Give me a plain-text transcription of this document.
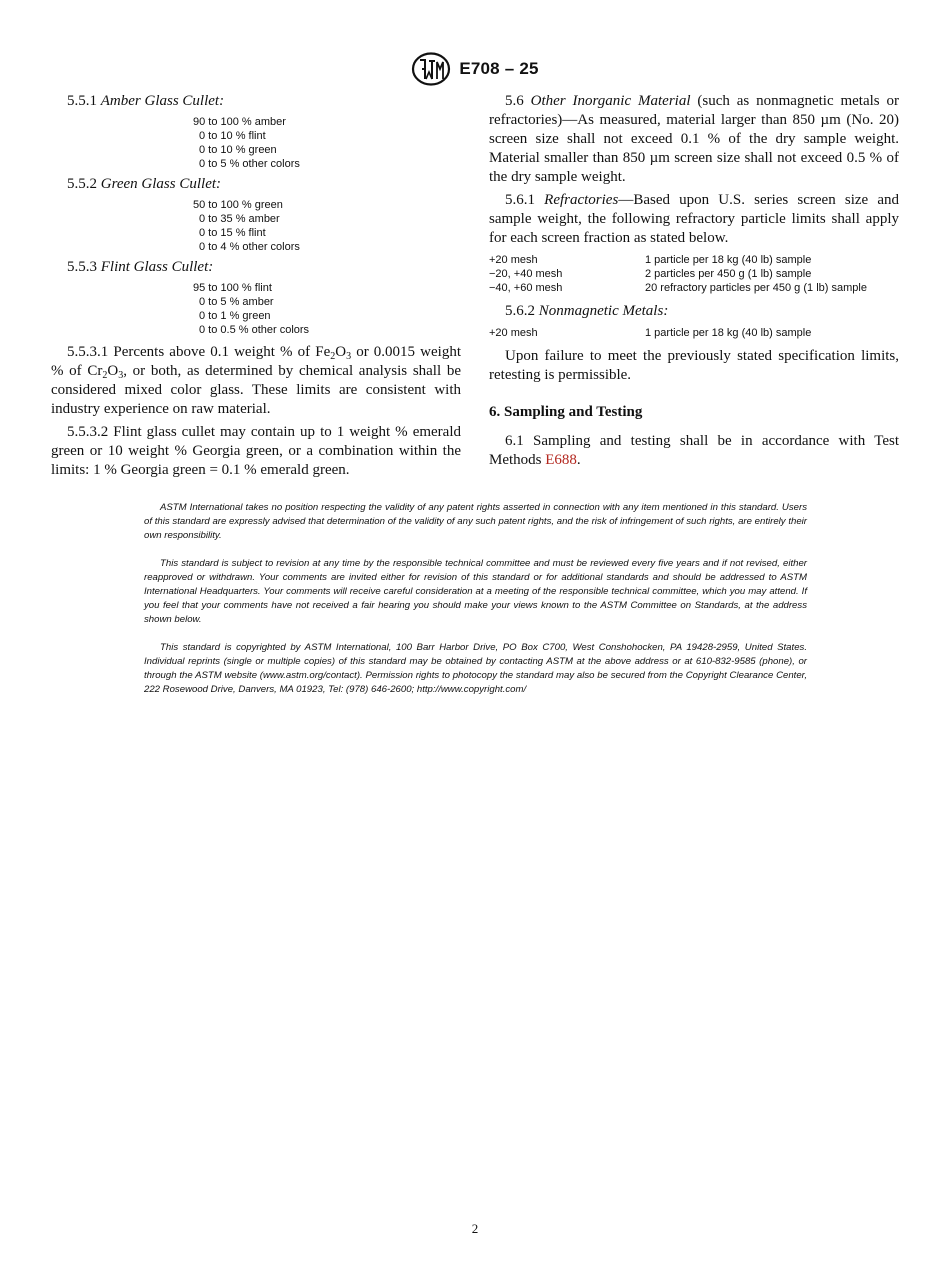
E708 – 25

5.5.1 Amber Glass Cullet:

90 to 100 % amber
0 to 10 % flint
0 to 10 % green
0 to 5 % other colors

5.5.2 Green Glass Cullet:

50 to 100 % green
0 to 35 % amber
0 to 15 % flint
0 to 4 % other colors

5.5.3 Flint Glass Cullet:

95 to 100 % flint
0 to 5 % amber
0 to 1 % green
0 to 0.5 % other colors

5.5.3.1 Percents above 0.1 weight % of $Fe_2O_3$ or 0.0015 weight % of $Cr_2O_3$, or both, as determined by chemical analysis shall be considered mixed color glass. These limits are consistent with industry experience on raw material.

5.5.3.2 Flint glass cullet may contain up to 1 weight % emerald green or 10 weight % Georgia green, or a combination within the limits: 1 % Georgia green = 0.1 % emerald green.

5.6 Other Inorganic Material (such as nonmagnetic metals or refractories)—As measured, material larger than 850 µm (No. 20) screen size shall not exceed 0.1 % of the dry sample weight. Material smaller than 850 µm screen size shall not exceed 0.5 % of the dry sample weight.

5.6.1 Refractories—Based upon U.S. series screen size and sample weight, the following refractory particle limits shall apply for each screen fraction as stated below.

+20 mesh	1 particle per 18 kg (40 lb) sample
−20, +40 mesh	2 particles per 450 g (1 lb) sample
−40, +60 mesh	20 refractory particles per 450 g (1 lb) sample

5.6.2 Nonmagnetic Metals:

+20 mesh	1 particle per 18 kg (40 lb) sample

Upon failure to meet the previously stated specification limits, retesting is permissible.

6. Sampling and Testing

6.1 Sampling and testing shall be in accordance with Test Methods E688.

ASTM International takes no position respecting the validity of any patent rights asserted in connection with any item mentioned in this standard. Users of this standard are expressly advised that determination of the validity of any such patent rights, and the risk of infringement of such rights, are entirely their own responsibility.

This standard is subject to revision at any time by the responsible technical committee and must be reviewed every five years and if not revised, either reapproved or withdrawn. Your comments are invited either for revision of this standard or for additional standards and should be addressed to ASTM International Headquarters. Your comments will receive careful consideration at a meeting of the responsible technical committee, which you may attend. If you feel that your comments have not received a fair hearing you should make your views known to the ASTM Committee on Standards, at the address shown below.

This standard is copyrighted by ASTM International, 100 Barr Harbor Drive, PO Box C700, West Conshohocken, PA 19428-2959, United States. Individual reprints (single or multiple copies) of this standard may be obtained by contacting ASTM at the above address or at 610-832-9585 (phone), or through the ASTM website (www.astm.org/contact). Permission rights to photocopy the standard may also be secured from the Copyright Clearance Center, 222 Rosewood Drive, Danvers, MA 01923, Tel: (978) 646-2600; http://www.copyright.com/

2
